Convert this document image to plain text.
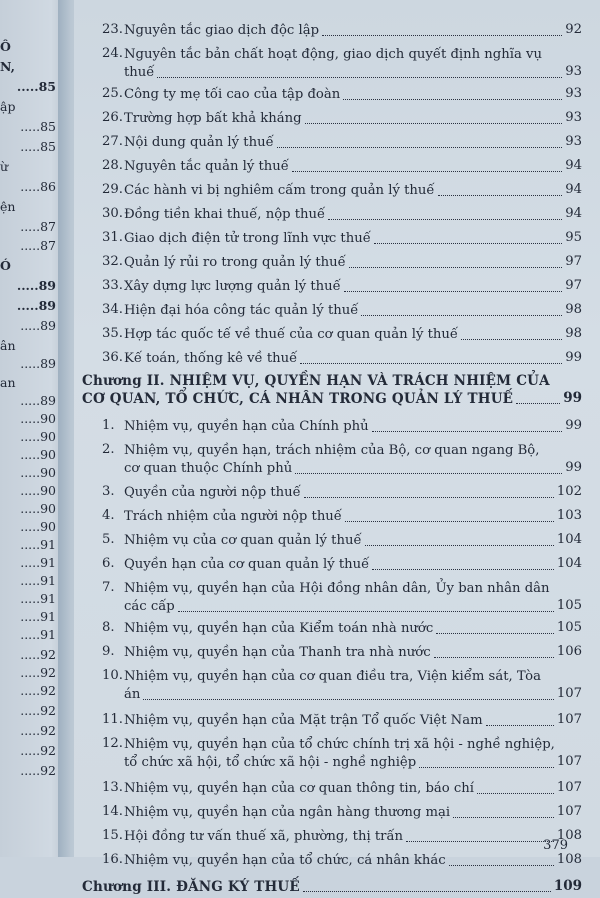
Ô
N,
.....85
ập
.....85
.....85
ừ
.....86
ện
.....87
.....87
Ó
.....89
.....89
.....89
ân
.....89
an
.....89
.....90
.....90
.....90
.....90
.....90
.....90
.....90
.....91
.....91
.....91
.....91
.....91
.....91
.....92
.....92
.....92
.....92
.....92
.....92
.....92
23. Nguyên tắc giao dịch độc lập	92
24. Nguyên tắc bản chất hoạt động, giao dịch quyết định nghĩa vụ
thuế	93
25. Công ty mẹ tối cao của tập đoàn	93
26. Trường hợp bất khả kháng	93
27. Nội dung quản lý thuế	93
28. Nguyên tắc quản lý thuế	94
29. Các hành vi bị nghiêm cấm trong quản lý thuế	94
30. Đồng tiền khai thuế, nộp thuế	94
31. Giao dịch điện tử trong lĩnh vực thuế	95
32. Quản lý rủi ro trong quản lý thuế	97
33. Xây dựng lực lượng quản lý thuế	97
34. Hiện đại hóa công tác quản lý thuế	98
35. Hợp tác quốc tế về thuế của cơ quan quản lý thuế	98
36. Kế toán, thống kê về thuế	99
Chương II. NHIỆM VỤ, QUYỀN HẠN VÀ TRÁCH NHIỆM CỦA
CƠ QUAN, TỔ CHỨC, CÁ NHÂN TRONG QUẢN LÝ THUẾ	99
1. Nhiệm vụ, quyền hạn của Chính phủ	99
2. Nhiệm vụ, quyền hạn, trách nhiệm của Bộ, cơ quan ngang Bộ,
cơ quan thuộc Chính phủ	99
3. Quyền của người nộp thuế	102
4. Trách nhiệm của người nộp thuế	103
5. Nhiệm vụ của cơ quan quản lý thuế	104
6. Quyền hạn của cơ quan quản lý thuế	104
7. Nhiệm vụ, quyền hạn của Hội đồng nhân dân, Ủy ban nhân dân
các cấp	105
8. Nhiệm vụ, quyền hạn của Kiểm toán nhà nước	105
9. Nhiệm vụ, quyền hạn của Thanh tra nhà nước	106
10. Nhiệm vụ, quyền hạn của cơ quan điều tra, Viện kiểm sát, Tòa
án	107
11. Nhiệm vụ, quyền hạn của Mặt trận Tổ quốc Việt Nam	107
12. Nhiệm vụ, quyền hạn của tổ chức chính trị xã hội - nghề nghiệp,
tổ chức xã hội, tổ chức xã hội - nghề nghiệp	107
13. Nhiệm vụ, quyền hạn của cơ quan thông tin, báo chí	107
14. Nhiệm vụ, quyền hạn của ngân hàng thương mại	107
15. Hội đồng tư vấn thuế xã, phường, thị trấn	108
16. Nhiệm vụ, quyền hạn của tổ chức, cá nhân khác	108
Chương III. ĐĂNG KÝ THUẾ	109
379
